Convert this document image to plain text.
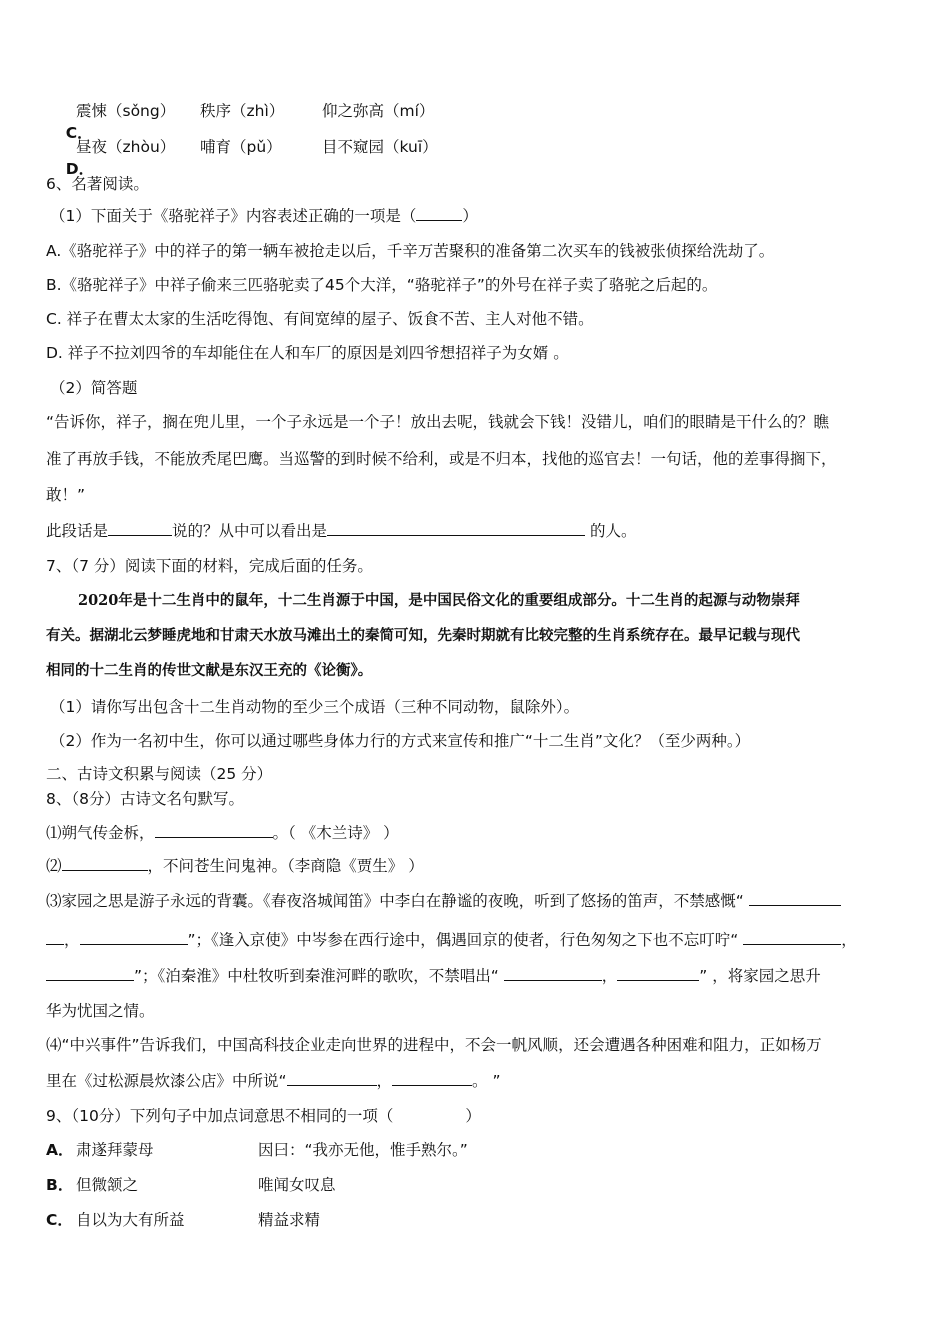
C．

震悚（sǒng） 秩序（zhì） 仰之弥高（mí）

D．

昼夜（zhòu） 哺育（pǔ）	目不窥园（kuī）
6、名著阅读。
（1）下面关于《骆驼祥子》内容表述正确的一项是（	）
A.《骆驼祥子》中的祥子的第一辆车被抢走以后，千辛万苦聚积的准备第二次买车的钱被张侦探给洗劫了。
B.《骆驼祥子》中祥子偷来三匹骆驼卖了45个大洋，“骆驼祥子”的外号在祥子卖了骆驼之后起的。
C. 祥子在曹太太家的生活吃得饱、有间宽绰的屋子、饭食不苦、主人对他不错。
D. 祥子不拉刘四爷的车却能住在人和车厂的原因是刘四爷想招祥子为女婿 。
（2）简答题
“告诉你，祥子，搁在兜儿里，一个子永远是一个子！放出去呢，钱就会下钱！没错儿，咱们的眼睛是干什么的？瞧
准了再放手钱，不能放秃尾巴鹰。当巡警的到时候不给利，或是不归本，找他的巡官去！一句话，他的差事得搁下，
敢！”
此段话是	说的？从中可以看出是	的人。
7、（7 分）阅读下面的材料，完成后面的任务。
2020年是十二生肖中的鼠年，十二生肖源于中国，是中国民俗文化的重要组成部分。十二生肖的起源与动物崇拜
有关。据湖北云梦睡虎地和甘肃天水放马滩出土的秦简可知，先秦时期就有比较完整的生肖系统存在。最早记载与现代
相同的十二生肖的传世文献是东汉王充的《论衡》。
（1）请你写出包含十二生肖动物的至少三个成语（三种不同动物，鼠除外）。
（2）作为一名初中生，你可以通过哪些身体力行的方式来宣传和推广“十二生肖”文化？（至少两种。）
二、古诗文积累与阅读（25 分）
8、（8分）古诗文名句默写。
⑴朔气传金柝，	。（ 《木兰诗》 ）
⑵	，不问苍生问鬼神。（李商隐《贾生》 ）
⑶家园之思是游子永远的背囊。《春夜洛城闻笛》中李白在静谧的夜晚，听到了悠扬的笛声，不禁感慨“
，	”；《逢入京使》中岑参在西行途中，偶遇回京的使者，行色匆匆之下也不忘叮咛“	，
”；《泊秦淮》中杜牧听到秦淮河畔的歌吹，不禁唱出“	，	” ，将家园之思升
华为忧国之情。
⑷“中兴事件”告诉我们，中国高科技企业走向世界的进程中，不会一帆风顺，还会遭遇各种困难和阻力，正如杨万
里在《过松源晨炊漆公店》中所说“	，	。 ”
9、（10分）下列句子中加点词意思不相同的一项（	）
A． 肃遂拜蒙母	因曰：“我亦无他，惟手熟尔。”
B． 但微颔之	唯闻女叹息
C． 自以为大有所益	精益求精
